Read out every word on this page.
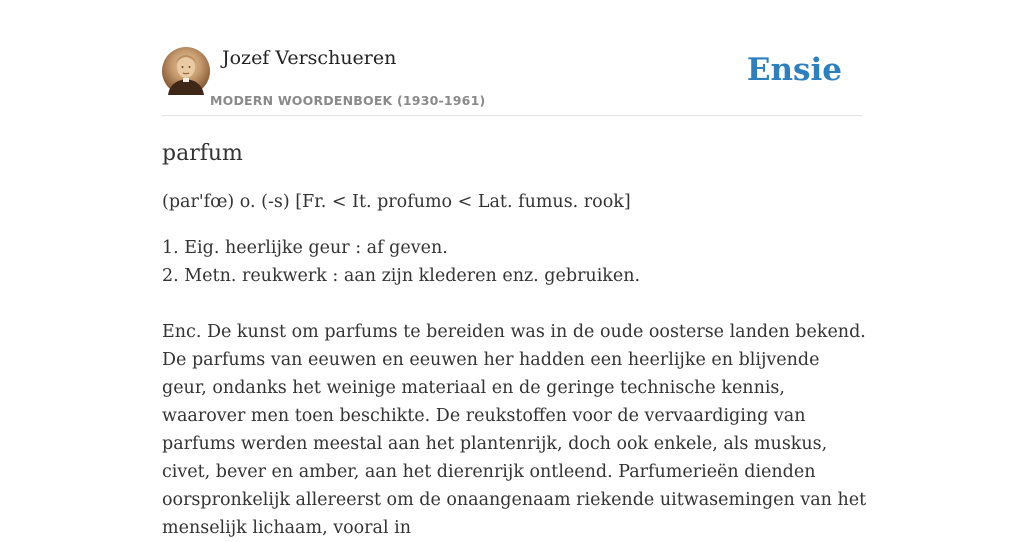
Jozef Verschueren
MODERN WOORDENBOEK (1930-1961)
Ensie
parfum
(par'fœ) o. (-s) [Fr. < It. profumo < Lat. fumus. rook]
1. Eig. heerlijke geur : af geven.
2. Metn. reukwerk : aan zijn klederen enz. gebruiken.

Enc. De kunst om parfums te bereiden was in de oude oosterse landen bekend. De parfums van eeuwen en eeuwen her hadden een heerlijke en blijvende geur, ondanks het weinige materiaal en de geringe technische kennis, waarover men toen beschikte. De reukstoffen voor de vervaardiging van parfums werden meestal aan het plantenrijk, doch ook enkele, als muskus, civet, bever en amber, aan het dierenrijk ontleend. Parfumerieën dienden oorspronkelijk allereerst om de onaangenaam riekende uitwasemingen van het menselijk lichaam, vooral in
